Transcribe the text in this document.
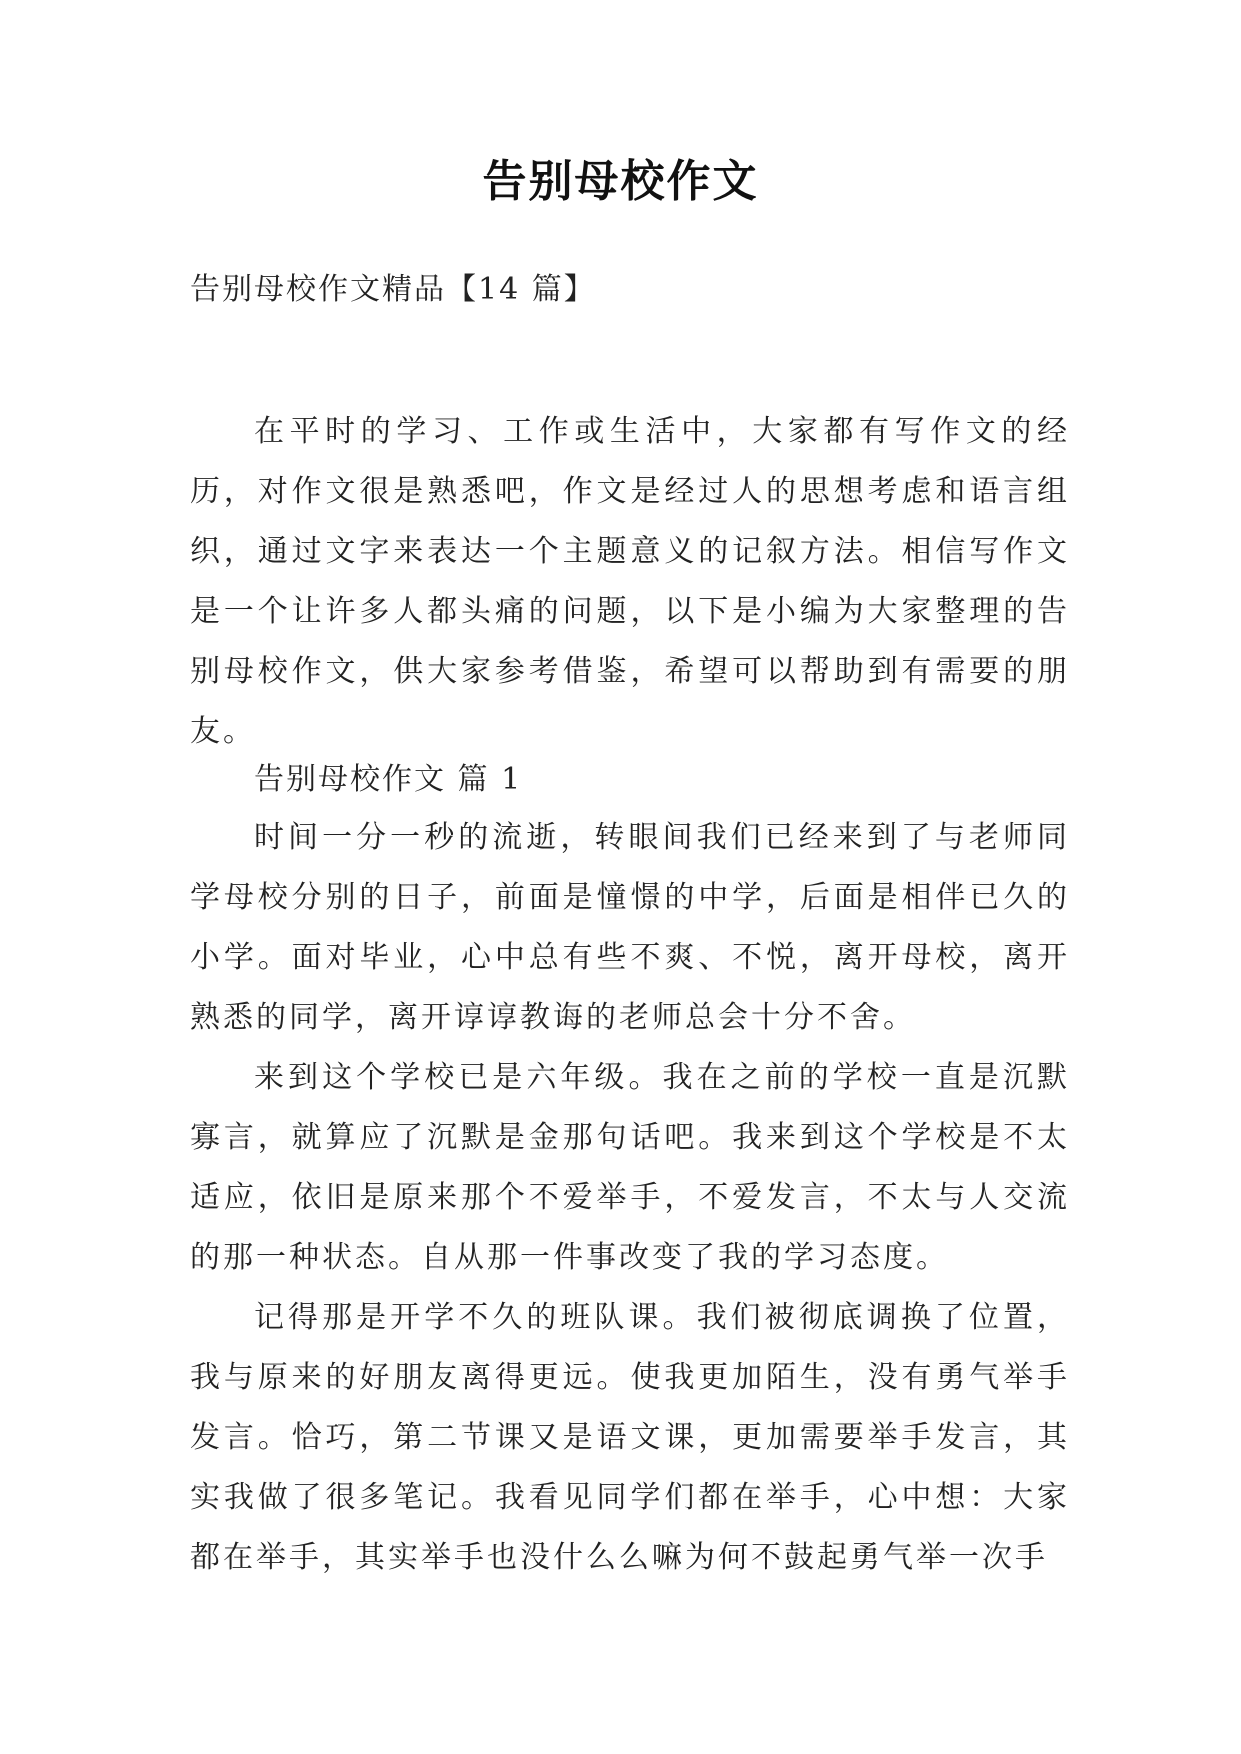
告别母校作文
告别母校作文精品【14 篇】

在平时的学习、工作或生活中，大家都有写作文的经历，对作文很是熟悉吧，作文是经过人的思想考虑和语言组织，通过文字来表达一个主题意义的记叙方法。相信写作文是一个让许多人都头痛的问题，以下是小编为大家整理的告别母校作文，供大家参考借鉴，希望可以帮助到有需要的朋友。

告别母校作文 篇 1

时间一分一秒的流逝，转眼间我们已经来到了与老师同学母校分别的日子，前面是憧憬的中学，后面是相伴已久的小学。面对毕业，心中总有些不爽、不悦，离开母校，离开熟悉的同学，离开谆谆教诲的老师总会十分不舍。

来到这个学校已是六年级。我在之前的学校一直是沉默寡言，就算应了沉默是金那句话吧。我来到这个学校是不太适应，依旧是原来那个不爱举手，不爱发言，不太与人交流的那一种状态。自从那一件事改变了我的学习态度。

记得那是开学不久的班队课。我们被彻底调换了位置，我与原来的好朋友离得更远。使我更加陌生，没有勇气举手发言。恰巧，第二节课又是语文课，更加需要举手发言，其实我做了很多笔记。我看见同学们都在举手，心中想：大家都在举手，其实举手也没什么么嘛为何不鼓起勇气举一次手
